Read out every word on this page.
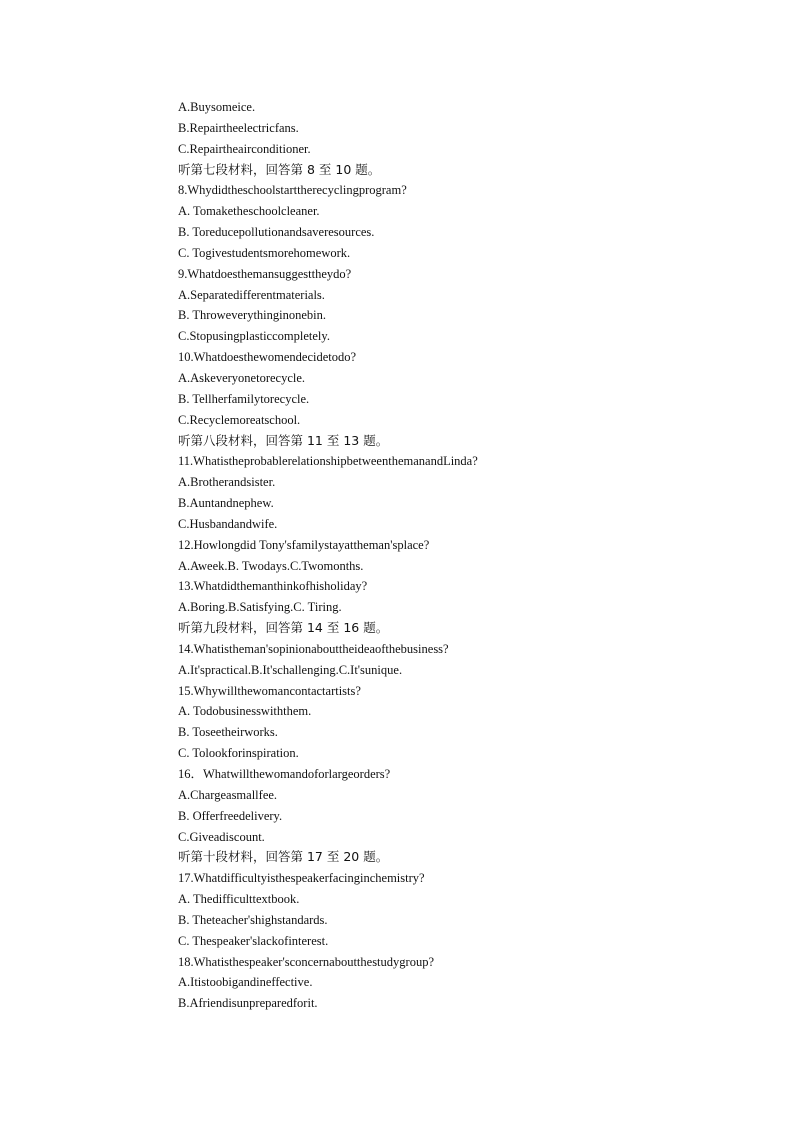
A.Buysomeice.
B.Repairtheelectricfans.
C.Repairtheairconditioner.
听第七段材料，回答第 8 至 10 题。
8.Whydidtheschoolstarttherecyclingprogram?
A. Tomaketheschoolcleaner.
B. Toreducepollutionandsaveresources.
C. Togivestudentsmorehomework.
9.Whatdoesthemansuggesttheydo?
A.Separatedifferentmaterials.
B. Throweverythinginonebin.
C.Stopusingplasticcompletely.
10.Whatdoesthewomendecidetodo?
A.Askeveryonetorecycle.
B. Tellherfamilytorecycle.
C.Recyclemoreatschool.
听第八段材料，回答第 11 至 13 题。
11.WhatistheprobablerelationshipbetweenthemanandLinda?
A.Brotherandsister.
B.Auntandnephew.
C.Husbandandwife.
12.Howlongdid Tony'sfamilystayattheman'splace?
A.Aweek.B. Twodays.C.Twomonths.
13.Whatdidthemanthinkofhisholiday?
A.Boring.B.Satisfying.C. Tiring.
听第九段材料，回答第 14 至 16 题。
14.Whatistheman'sopinionabouttheideaofthebusiness?
A.It'spractical.B.It'schallenging.C.It'sunique.
15.Whywillthewomancontactartists?
A. Todobusinesswiththem.
B. Toseetheirworks.
C. Tolookforinspiration.
16．Whatwillthewomandoforlargeorders?
A.Chargeasmallfee.
B. Offerfreedelivery.
C.Giveadiscount.
听第十段材料，回答第 17 至 20 题。
17.Whatdifficultyisthespeakerfacinginchemistry?
A. Thedifficulttextbook.
B. Theteacher'shighstandards.
C. Thespeaker'slackofinterest.
18.Whatisthespeaker'sconcernaboutthestudygroup?
A.Itistoobigandineffective.
B.Afriendisunpreparedforit.
